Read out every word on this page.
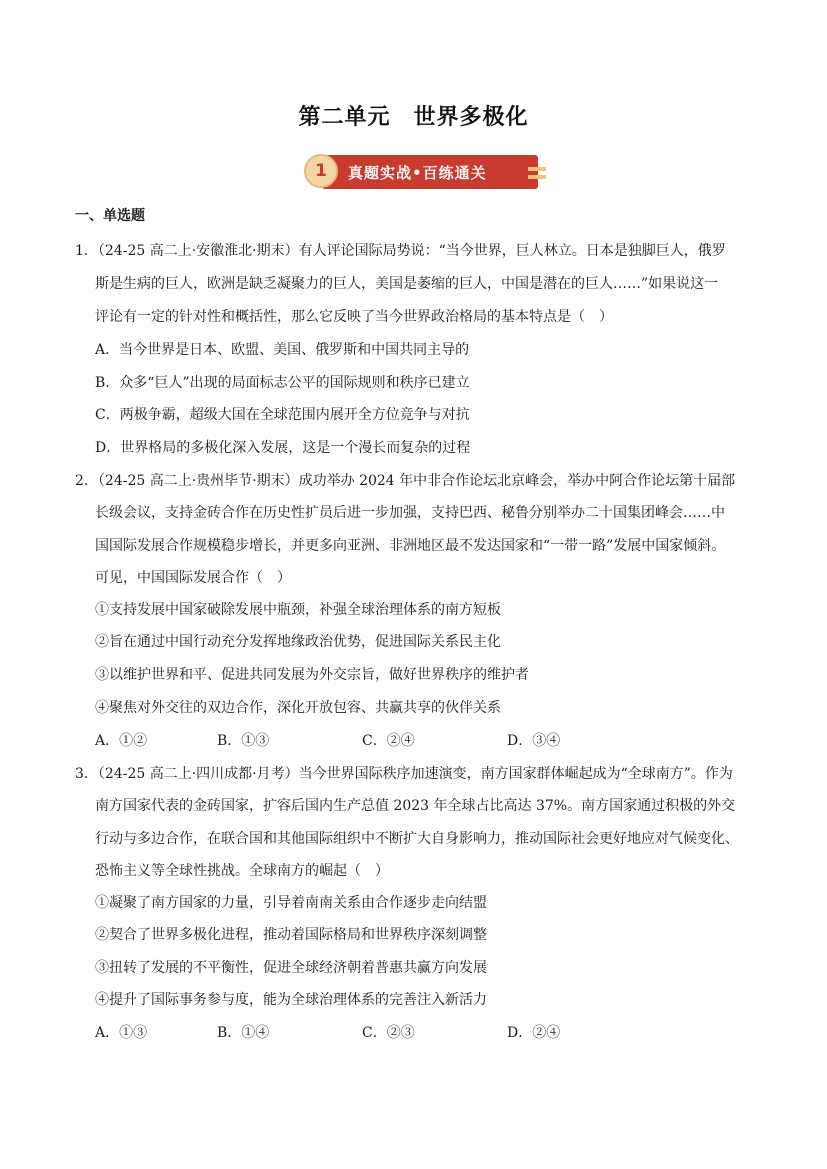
第二单元　世界多极化
1	真题实战•百练通关
一、单选题
1．（24-25 高二上·安徽淮北·期末）有人评论国际局势说：“当今世界，巨人林立。日本是独脚巨人，俄罗
斯是生病的巨人，欧洲是缺乏凝聚力的巨人，美国是萎缩的巨人，中国是潜在的巨人……”如果说这一
评论有一定的针对性和概括性，那么它反映了当今世界政治格局的基本特点是（　）
A．当今世界是日本、欧盟、美国、俄罗斯和中国共同主导的
B．众多“巨人”出现的局面标志公平的国际规则和秩序已建立
C．两极争霸，超级大国在全球范围内展开全方位竞争与对抗
D．世界格局的多极化深入发展，这是一个漫长而复杂的过程
2．（24-25 高二上·贵州毕节·期末）成功举办 2024 年中非合作论坛北京峰会，举办中阿合作论坛第十届部
长级会议，支持金砖合作在历史性扩员后进一步加强，支持巴西、秘鲁分别举办二十国集团峰会……中
国国际发展合作规模稳步增长，并更多向亚洲、非洲地区最不发达国家和“一带一路”发展中国家倾斜。
可见，中国国际发展合作（　）
①支持发展中国家破除发展中瓶颈，补强全球治理体系的南方短板
②旨在通过中国行动充分发挥地缘政治优势，促进国际关系民主化
③以维护世界和平、促进共同发展为外交宗旨，做好世界秩序的维护者
④聚焦对外交往的双边合作，深化开放包容、共赢共享的伙伴关系
A．①②	B．①③	C．②④	D．③④
3．（24-25 高二上·四川成都·月考）当今世界国际秩序加速演变，南方国家群体崛起成为“全球南方”。作为
南方国家代表的金砖国家，扩容后国内生产总值 2023 年全球占比高达 37%。南方国家通过积极的外交
行动与多边合作，在联合国和其他国际组织中不断扩大自身影响力，推动国际社会更好地应对气候变化、
恐怖主义等全球性挑战。全球南方的崛起（　）
①凝聚了南方国家的力量，引导着南南关系由合作逐步走向结盟
②契合了世界多极化进程，推动着国际格局和世界秩序深刻调整
③扭转了发展的不平衡性，促进全球经济朝着普惠共赢方向发展
④提升了国际事务参与度，能为全球治理体系的完善注入新活力
A．①③	B．①④	C．②③	D．②④
